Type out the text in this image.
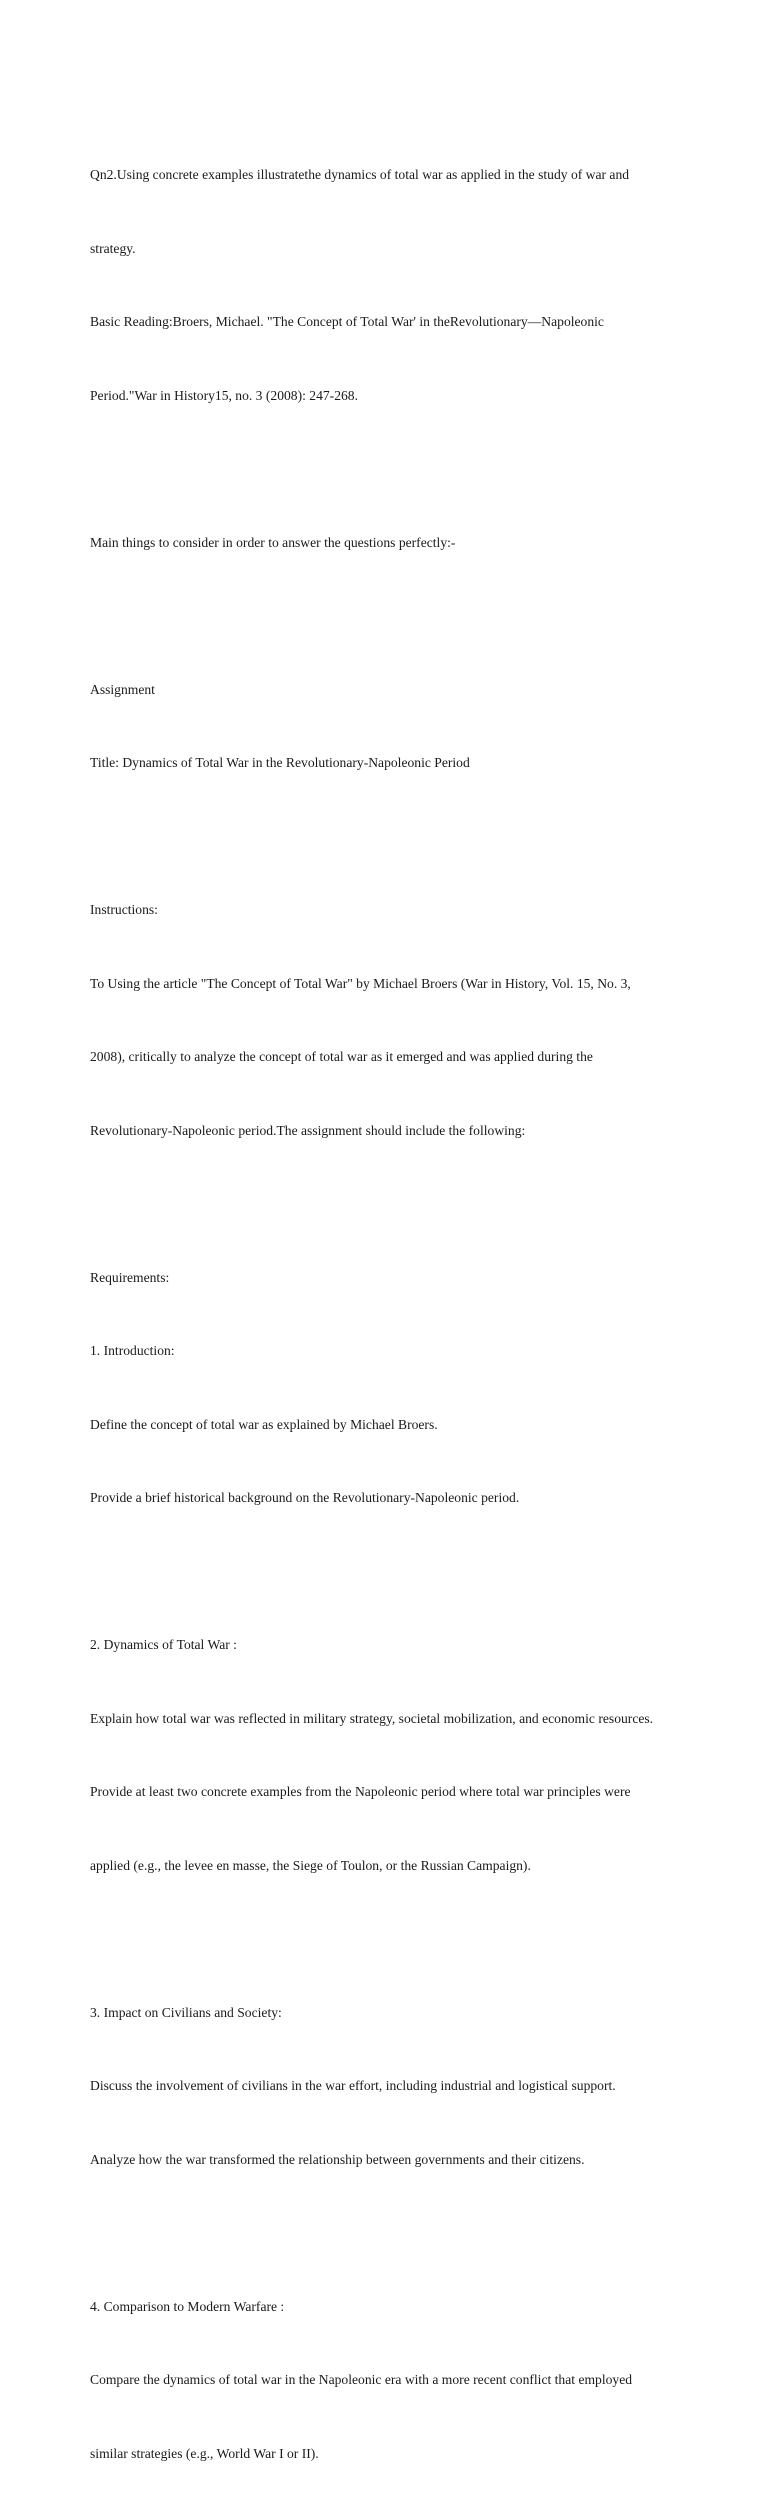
Qn2.Using concrete examples illustratethe dynamics of total war as applied in the study of war and

strategy.

Basic Reading:Broers, Michael. "The Concept of Total War' in theRevolutionary—Napoleonic

Period."War in History15, no. 3 (2008): 247-268.

Main things to consider in order to answer the questions perfectly:-

Assignment

Title: Dynamics of Total War in the Revolutionary-Napoleonic Period

Instructions:

To Using the article "The Concept of Total War" by Michael Broers (War in History, Vol. 15, No. 3,

2008), critically to analyze the concept of total war as it emerged and was applied during the

Revolutionary-Napoleonic period.The assignment should include the following:

Requirements:

1. Introduction:

Define the concept of total war as explained by Michael Broers.

Provide a brief historical background on the Revolutionary-Napoleonic period.

2. Dynamics of Total War :

Explain how total war was reflected in military strategy, societal mobilization, and economic resources.

Provide at least two concrete examples from the Napoleonic period where total war principles were

applied (e.g., the levee en masse, the Siege of Toulon, or the Russian Campaign).

3. Impact on Civilians and Society:

Discuss the involvement of civilians in the war effort, including industrial and logistical support.

Analyze how the war transformed the relationship between governments and their citizens.

4. Comparison to Modern Warfare :

Compare the dynamics of total war in the Napoleonic era with a more recent conflict that employed

similar strategies (e.g., World War I or II).
